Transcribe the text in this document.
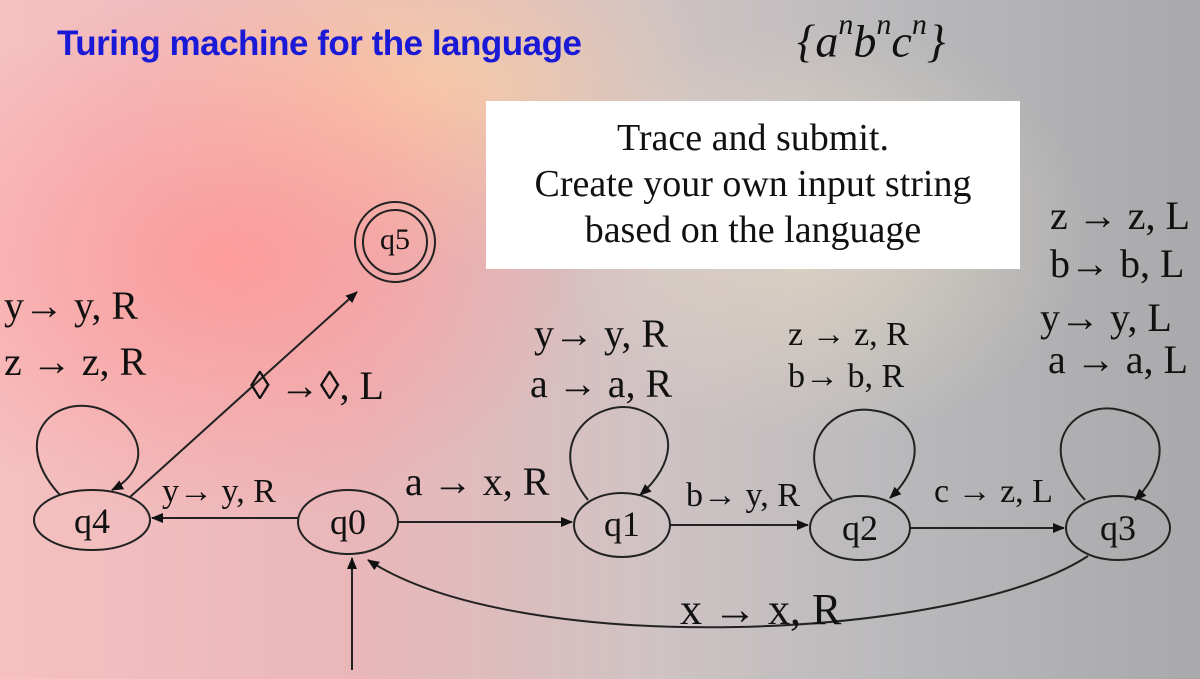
Turing machine for the language	$\{a^nb^nc^n\}$
Trace and submit.
Create your own input string
based on the language
q5
q4	q0	q1	q2	q3
y→ y, R
z → z, R
◊ →◊, L
y→ y, R	a → x, R
y→ y, R
a → a, R
z → z, R
b→ b, R
b→ y, R	c → z, L
z → z, L
b→ b, L
y→ y, L
a → a, L
x → x, R
